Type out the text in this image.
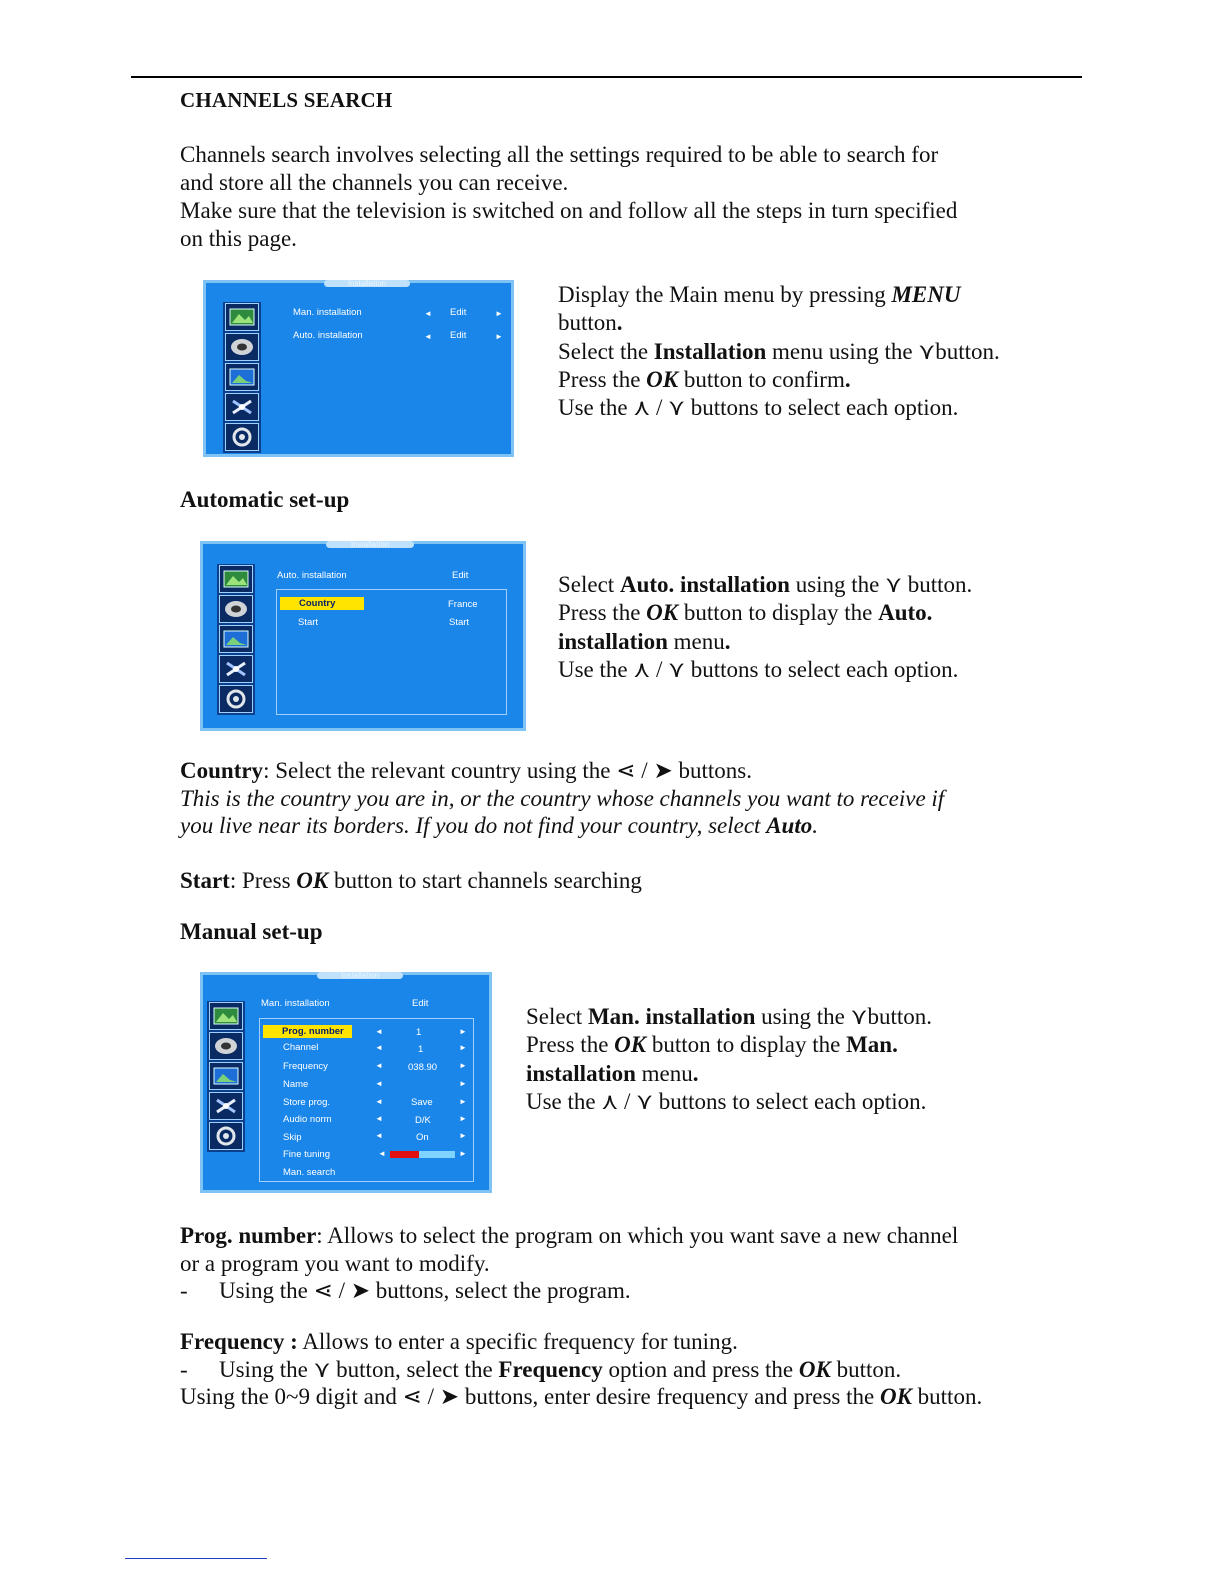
CHANNELS SEARCH

Channels search involves selecting all the settings required to be able to search for

and store all the channels you can receive.

Make sure that the television is switched on and follow all the steps in turn specified

on this page.

Installation
Man. installation	◄ Edit	►
Auto. installation	◄ Edit	►

Display the Main menu by pressing MENU

button.

Select the Installation menu using the ⋎button.

Press the OK button to confirm.

Use the ⋏ / ⋎ buttons to select each option.

Automatic set-up
Installation
Auto. installation	Edit
Country	France
Start	Start

Select Auto. installation using the ⋎ button.

Press the OK button to display the Auto.

installation menu.

Use the ⋏ / ⋎ buttons to select each option.

Country: Select the relevant country using the ⋖ / ➤ buttons.

This is the country you are in, or the country whose channels you want to receive if

you live near its borders. If you do not find your country, select Auto.

Start: Press OK button to start channels searching

Manual set-up
Installation
Man. installation	Edit
Prog. number	◄	1	►
Channel	◄	1	►
Frequency	◄	038.90	►
Name	◄	►
Store prog.	◄	Save	►
Audio norm	◄	D/K	►
Skip	◄	On	►
Fine tuning	◄	►
Man. search

Select Man. installation using the ⋎button.

Press the OK button to display the Man.

installation menu.

Use the ⋏ / ⋎ buttons to select each option.

Prog. number: Allows to select the program on which you want save a new channel

or a program you want to modify.

- Using the ⋖ / ➤ buttons, select the program.

Frequency : Allows to enter a specific frequency for tuning.

- Using the ⋎ button, select the Frequency option and press the OK button.

Using the 0~9 digit and ⋖ / ➤ buttons, enter desire frequency and press the OK button.
